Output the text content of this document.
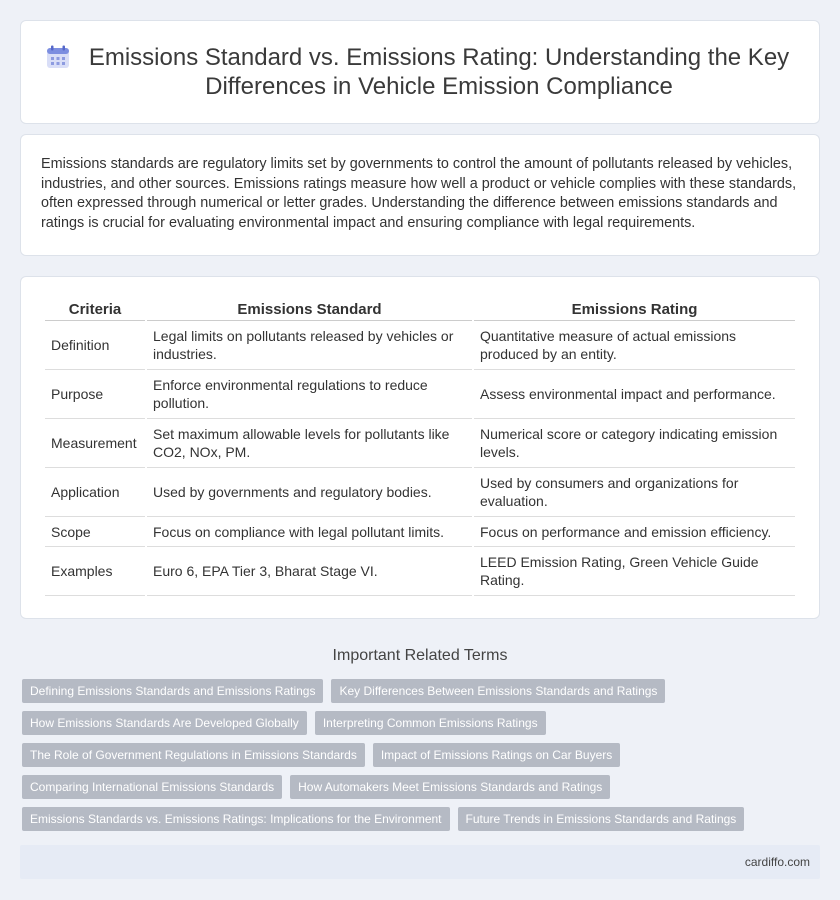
Emissions Standard vs. Emissions Rating: Understanding the Key Differences in Vehicle Emission Compliance

Emissions standards are regulatory limits set by governments to control the amount of pollutants released by vehicles, industries, and other sources. Emissions ratings measure how well a product or vehicle complies with these standards, often expressed through numerical or letter grades. Understanding the difference between emissions standards and ratings is crucial for evaluating environmental impact and ensuring compliance with legal requirements.

Criteria	Emissions Standard	Emissions Rating
Definition	Legal limits on pollutants released by vehicles or industries.	Quantitative measure of actual emissions produced by an entity.
Purpose	Enforce environmental regulations to reduce pollution.	Assess environmental impact and performance.
Measurement	Set maximum allowable levels for pollutants like CO2, NOx, PM.	Numerical score or category indicating emission levels.
Application	Used by governments and regulatory bodies.	Used by consumers and organizations for evaluation.
Scope	Focus on compliance with legal pollutant limits.	Focus on performance and emission efficiency.
Examples	Euro 6, EPA Tier 3, Bharat Stage VI.	LEED Emission Rating, Green Vehicle Guide Rating.
Important Related Terms
Defining Emissions Standards and Emissions Ratings	Key Differences Between Emissions Standards and Ratings
How Emissions Standards Are Developed Globally	Interpreting Common Emissions Ratings
The Role of Government Regulations in Emissions Standards	Impact of Emissions Ratings on Car Buyers
Comparing International Emissions Standards	How Automakers Meet Emissions Standards and Ratings
Emissions Standards vs. Emissions Ratings: Implications for the Environment	Future Trends in Emissions Standards and Ratings
cardiffo.com
